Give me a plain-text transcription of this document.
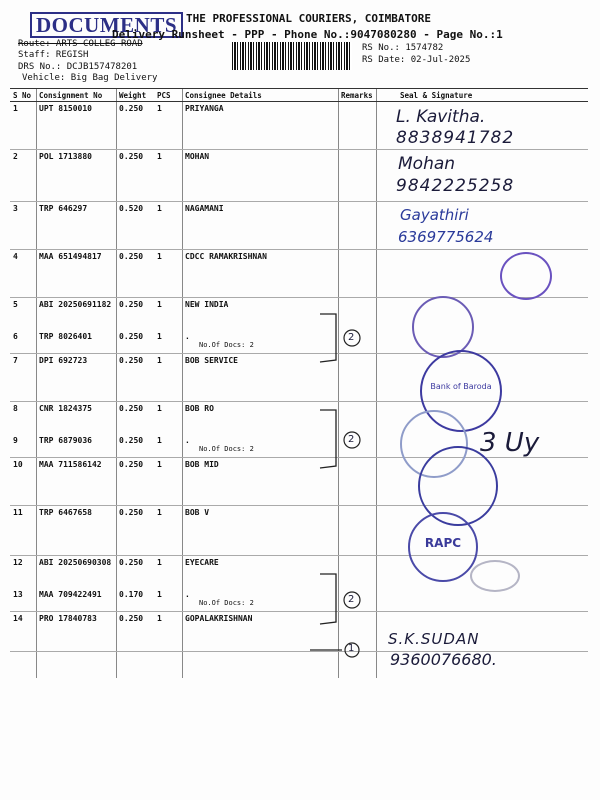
DOCUMENTS THE PROFESSIONAL COURIERS, COIMBATORE
Delivery Runsheet - PPP - Phone No.:9047080280 - Page No.:1
Route: ARTS COLLEG ROAD
Staff: REGISH
DRS No.: DCJB157478201
Vehicle: Big Bag Delivery
RS No.: 1574782
RS Date: 02-Jul-2025
S No	Consignment No	Weight	PCS	Consignee Details	Remarks	Seal & Signature
1	UPT 8150010	0.250	1	PRIYANGA		
2	POL 1713880	0.250	1	MOHAN		
3	TRP 646297	0.520	1	NAGAMANI		
4	MAA 651494817	0.250	1	CDCC RAMAKRISHNAN		
5	ABI 20250691182	0.250	1	NEW INDIA		
6	TRP 8026401	0.250	1	.
No.Of Docs: 2		

7	DPI 692723	0.250	1	BOB SERVICE		
8	CNR 1824375	0.250	1	BOB RO		
9	TRP 6879036	0.250	1	.
No.Of Docs: 2		

10	MAA 711586142	0.250	1	BOB MID		
11	TRP 6467658	0.250	1	BOB V		
12	ABI 20250690308	0.250	1	EYECARE		
13	MAA 709422491	0.170	1	.
No.Of Docs: 2		

14	PRO 17840783	0.250	1	GOPALAKRISHNAN		
L. Kavitha.
8838941782
Mohan
9842225258
Gayathiri
6369775624
S.K.SUDAN
9360076680.
3 Uy
2
2
2
1
Bank of Baroda
RAPC
